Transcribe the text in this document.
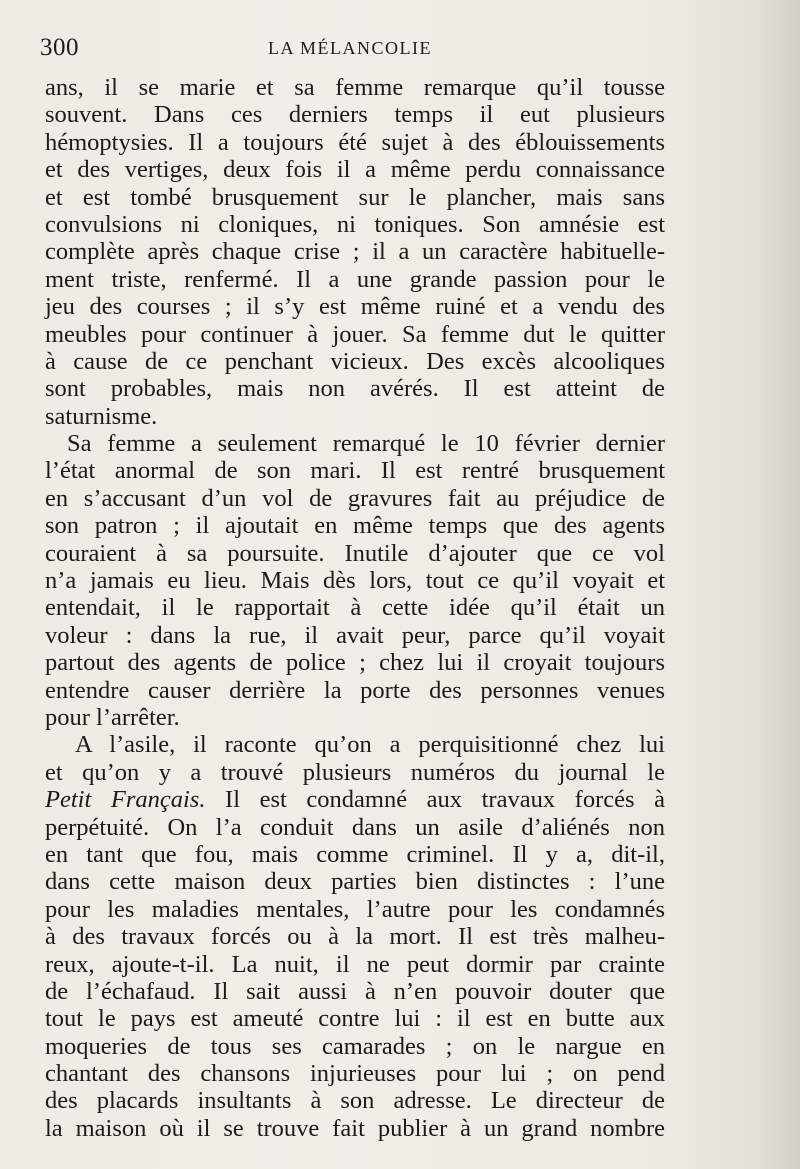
300	LA MÉLANCOLIE
ans, il se marie et sa femme remarque qu’il tousse
souvent. Dans ces derniers temps il eut plusieurs
hémoptysies. Il a toujours été sujet à des éblouissements
et des vertiges, deux fois il a même perdu connaissance
et est tombé brusquement sur le plancher, mais sans
convulsions ni cloniques, ni toniques. Son amnésie est
complète après chaque crise ; il a un caractère habituelle-
ment triste, renfermé. Il a une grande passion pour le
jeu des courses ; il s’y est même ruiné et a vendu des
meubles pour continuer à jouer. Sa femme dut le quitter
à cause de ce penchant vicieux. Des excès alcooliques
sont probables, mais non avérés. Il est atteint de
saturnisme.
Sa femme a seulement remarqué le 10 février dernier
l’état anormal de son mari. Il est rentré brusquement
en s’accusant d’un vol de gravures fait au préjudice de
son patron ; il ajoutait en même temps que des agents
couraient à sa poursuite. Inutile d’ajouter que ce vol
n’a jamais eu lieu. Mais dès lors, tout ce qu’il voyait et
entendait, il le rapportait à cette idée qu’il était un
voleur : dans la rue, il avait peur, parce qu’il voyait
partout des agents de police ; chez lui il croyait toujours
entendre causer derrière la porte des personnes venues
pour l’arrêter.
A l’asile, il raconte qu’on a perquisitionné chez lui
et qu’on y a trouvé plusieurs numéros du journal le
Petit Français. Il est condamné aux travaux forcés à
perpétuité. On l’a conduit dans un asile d’aliénés non
en tant que fou, mais comme criminel. Il y a, dit-il,
dans cette maison deux parties bien distinctes : l’une
pour les maladies mentales, l’autre pour les condamnés
à des travaux forcés ou à la mort. Il est très malheu-
reux, ajoute-t-il. La nuit, il ne peut dormir par crainte
de l’échafaud. Il sait aussi à n’en pouvoir douter que
tout le pays est ameuté contre lui : il est en butte aux
moqueries de tous ses camarades ; on le nargue en
chantant des chansons injurieuses pour lui ; on pend
des placards insultants à son adresse. Le directeur de
la maison où il se trouve fait publier à un grand nombre
